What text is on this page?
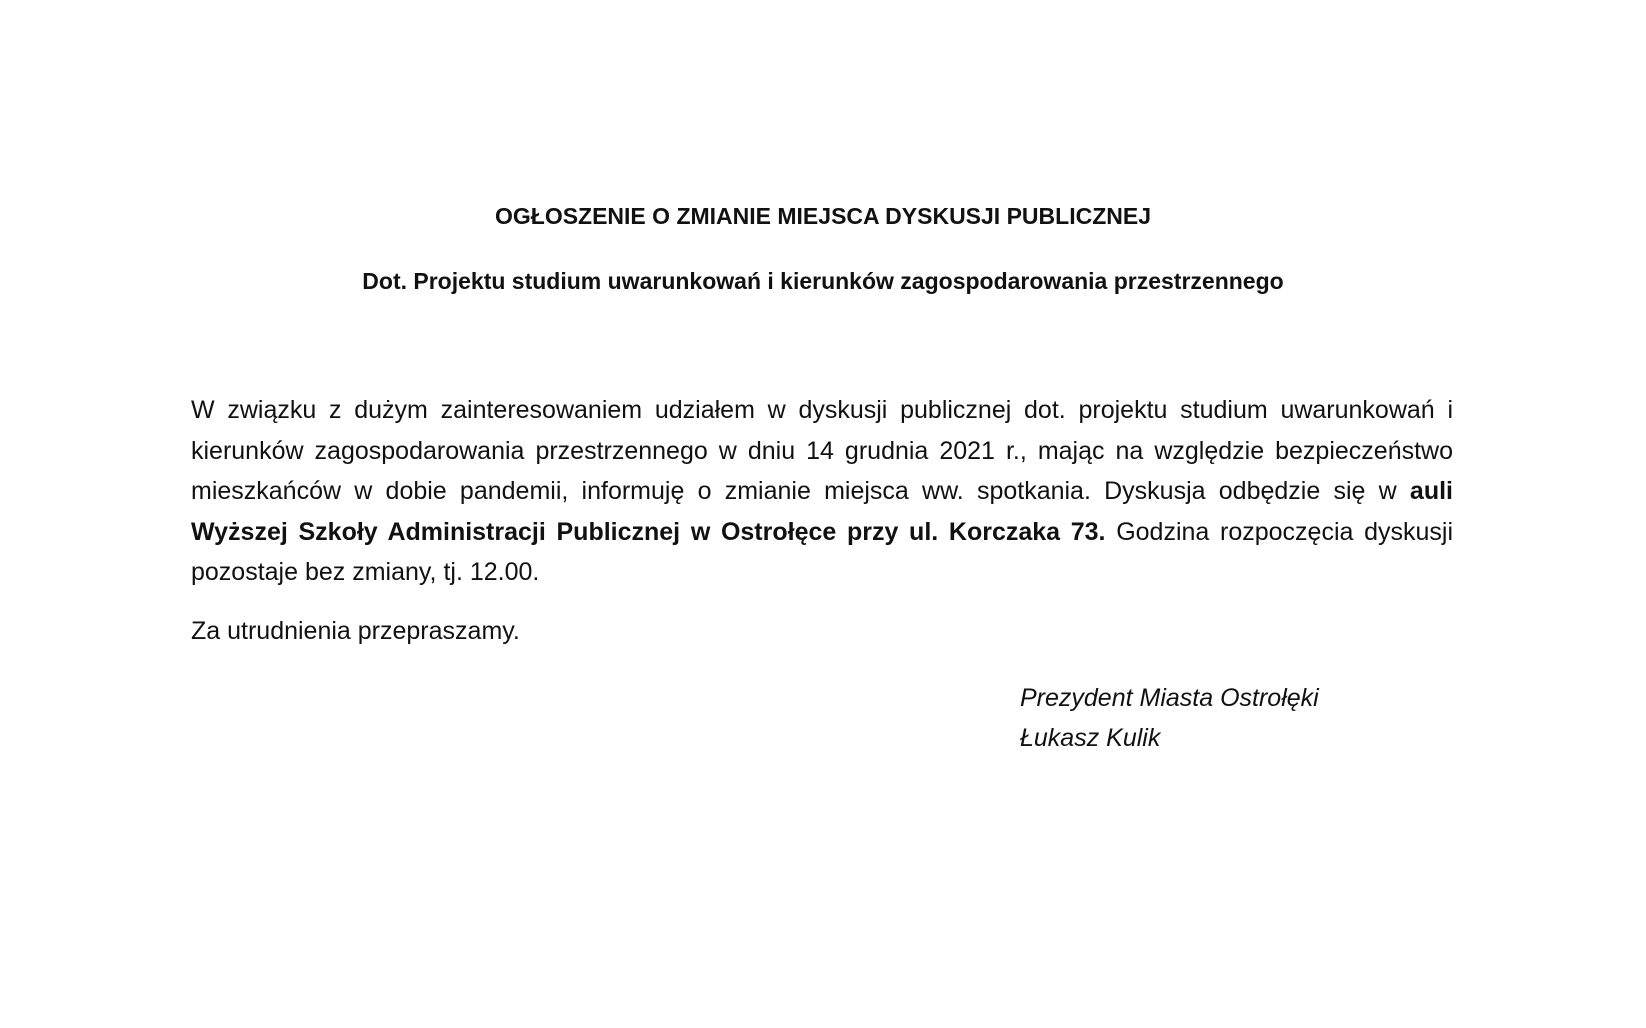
OGŁOSZENIE O ZMIANIE MIEJSCA DYSKUSJI PUBLICZNEJ
Dot. Projektu studium uwarunkowań i kierunków zagospodarowania przestrzennego
W związku z dużym zainteresowaniem udziałem w dyskusji publicznej dot. projektu studium uwarunkowań i kierunków zagospodarowania przestrzennego w dniu 14 grudnia 2021 r., mając na względzie bezpieczeństwo mieszkańców w dobie pandemii, informuję o zmianie miejsca ww. spotkania. Dyskusja odbędzie się w auli Wyższej Szkoły Administracji Publicznej w Ostrołęce przy ul. Korczaka 73. Godzina rozpoczęcia dyskusji pozostaje bez zmiany, tj. 12.00.
Za utrudnienia przepraszamy.
Prezydent Miasta Ostrołęki
Łukasz Kulik
